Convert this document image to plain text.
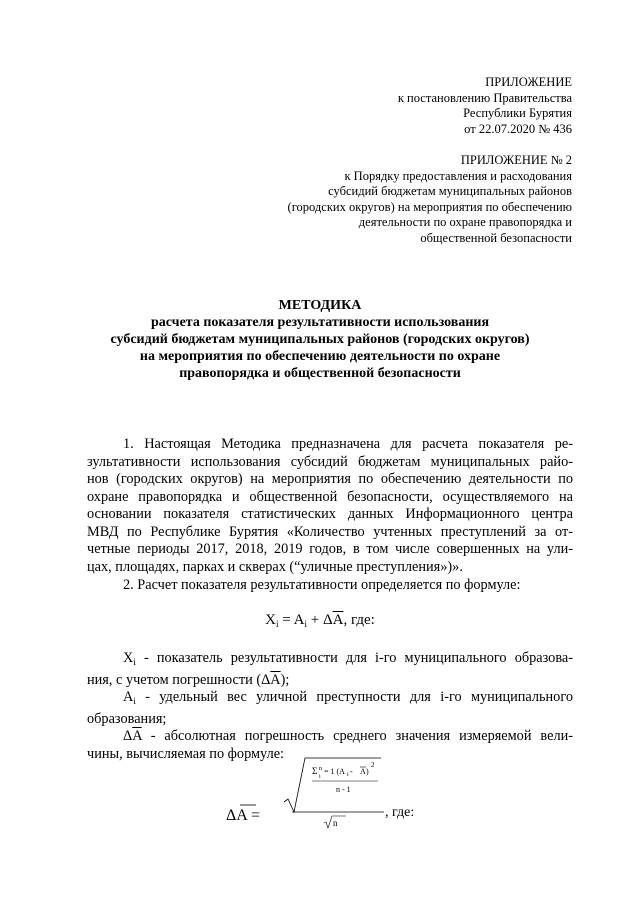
ПРИЛОЖЕНИЕ
к постановлению Правительства
Республики Бурятия
от 22.07.2020 № 436
ПРИЛОЖЕНИЕ № 2
к Порядку предоставления и расходования
субсидий бюджетам муниципальных районов
(городских округов) на мероприятия по обеспечению
деятельности по охране правопорядка и
общественной безопасности
МЕТОДИКА
расчета показателя результативности использования
субсидий бюджетам муниципальных районов (городских округов)
на мероприятия по обеспечению деятельности по охране
правопорядка и общественной безопасности
1. Настоящая Методика предназначена для расчета показателя ре-
зультативности использования субсидий бюджетам муниципальных райо-
нов (городских округов) на мероприятия по обеспечению деятельности по
охране правопорядка и общественной безопасности, осуществляемого на
основании показателя статистических данных Информационного центра
МВД по Республике Бурятия «Количество учтенных преступлений за от-
четные периоды 2017, 2018, 2019 годов, в том числе совершенных на ули-
цах, площадях, парках и скверах (“уличные преступления»)».
2. Расчет показателя результативности определяется по формуле:
$X_i = A_i + \Delta\overline{A}$, где:
$X_i$ - показатель результативности для i-го муниципального образова-
ния, с учетом погрешности $(\Delta\overline{A})$;
$A_i$ - удельный вес уличной преступности для i-го муниципального
образования;
$\Delta\overline{A}$ - абсолютная погрешность среднего значения измеряемой вели-
чины, вычисляемая по формуле:
ΔA =
Σ n
i
= 1 (A i - A )
2
n - 1
n
, где:
